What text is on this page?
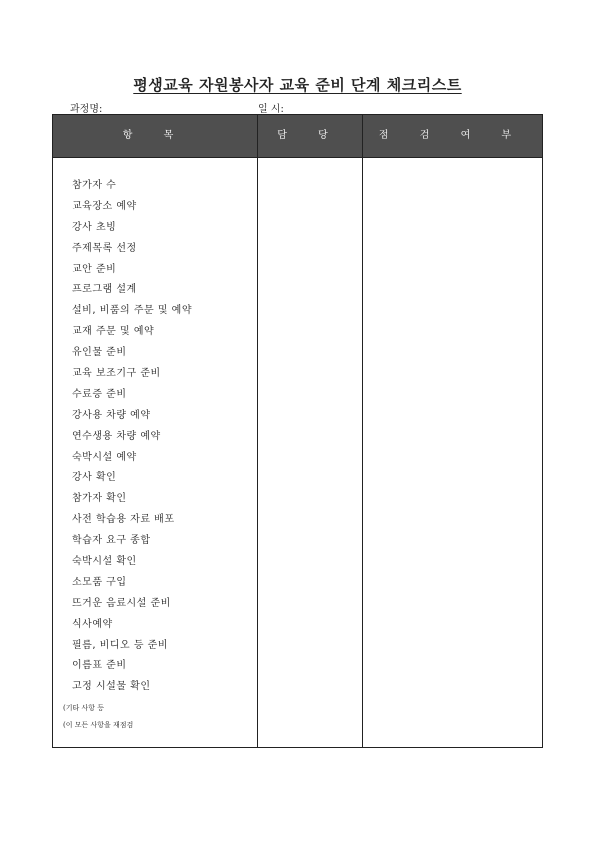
평생교육 자원봉사자 교육 준비 단계 체크리스트
과정명:	일 시:
항 목	담 당	점 검 여 부
참가자 수
교육장소 예약
강사 초빙
주제목록 선정
교안 준비
프로그램 설계
설비, 비품의 주문 및 예약
교재 주문 및 예약
유인물 준비
교육 보조기구 준비
수료증 준비
강사용 차량 예약
연수생용 차량 예약
숙박시설 예약
강사 확인
참가자 확인
사전 학습용 자료 배포
학습자 요구 종합
숙박시설 확인
소모품 구입
뜨거운 음료시설 준비
식사예약
필름, 비디오 등 준비
이름표 준비
고정 시설물 확인
(기타 사항 등
(이 모든 사항을 재점검
